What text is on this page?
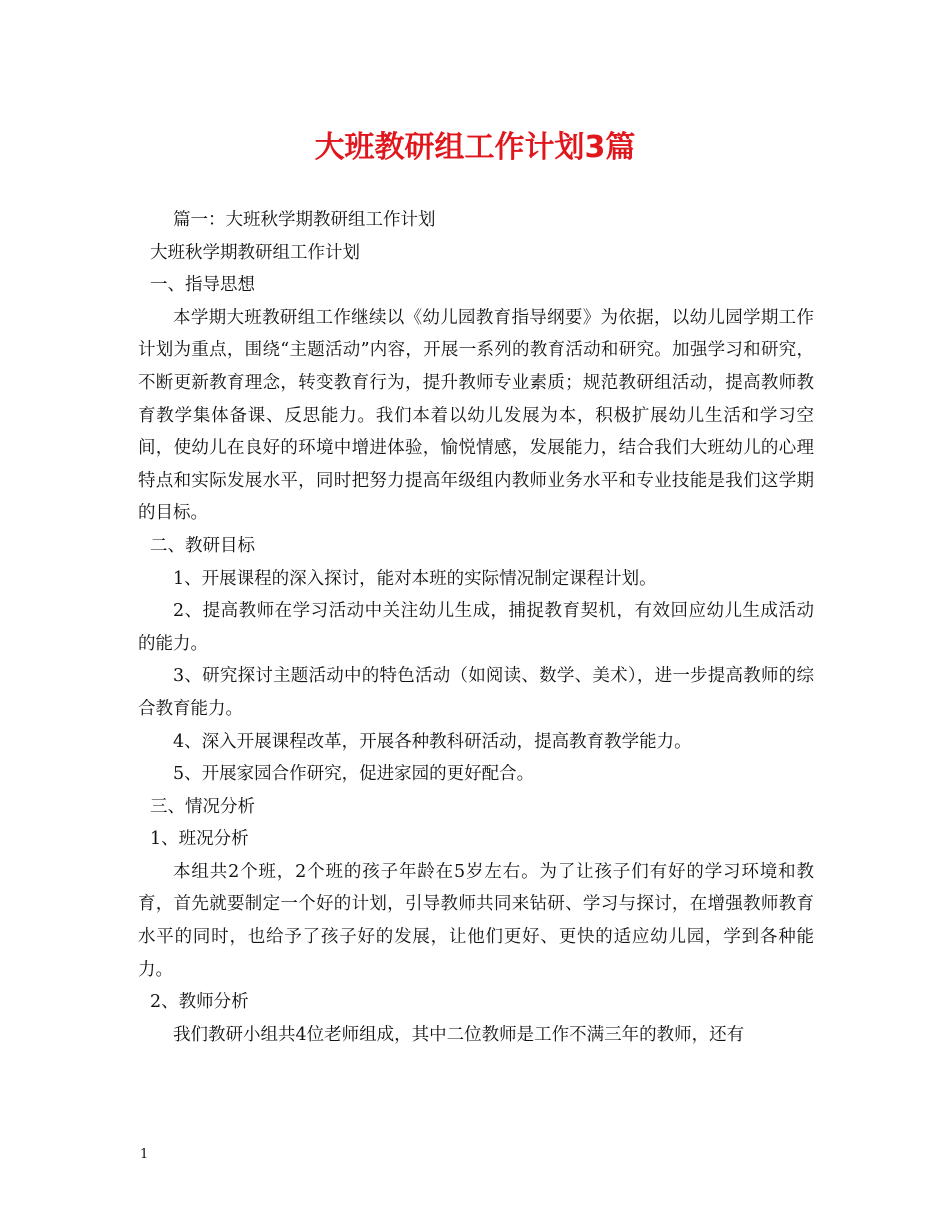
大班教研组工作计划3篇

篇一：大班秋学期教研组工作计划

大班秋学期教研组工作计划

一、指导思想

本学期大班教研组工作继续以《幼儿园教育指导纲要》为依据，以幼儿园学期工作计划为重点，围绕“主题活动”内容，开展一系列的教育活动和研究。加强学习和研究，不断更新教育理念，转变教育行为，提升教师专业素质；规范教研组活动，提高教师教育教学集体备课、反思能力。我们本着以幼儿发展为本，积极扩展幼儿生活和学习空间，使幼儿在良好的环境中增进体验，愉悦情感，发展能力，结合我们大班幼儿的心理特点和实际发展水平，同时把努力提高年级组内教师业务水平和专业技能是我们这学期的目标。

二、教研目标

1、开展课程的深入探讨，能对本班的实际情况制定课程计划。

2、提高教师在学习活动中关注幼儿生成，捕捉教育契机，有效回应幼儿生成活动的能力。

3、研究探讨主题活动中的特色活动（如阅读、数学、美术），进一步提高教师的综合教育能力。

4、深入开展课程改革，开展各种教科研活动，提高教育教学能力。

5、开展家园合作研究，促进家园的更好配合。

三、情况分析

1、班况分析

本组共2个班，2个班的孩子年龄在5岁左右。为了让孩子们有好的学习环境和教育，首先就要制定一个好的计划，引导教师共同来钻研、学习与探讨，在增强教师教育水平的同时，也给予了孩子好的发展，让他们更好、更快的适应幼儿园，学到各种能力。

2、教师分析

我们教研小组共4位老师组成，其中二位教师是工作不满三年的教师，还有

1
